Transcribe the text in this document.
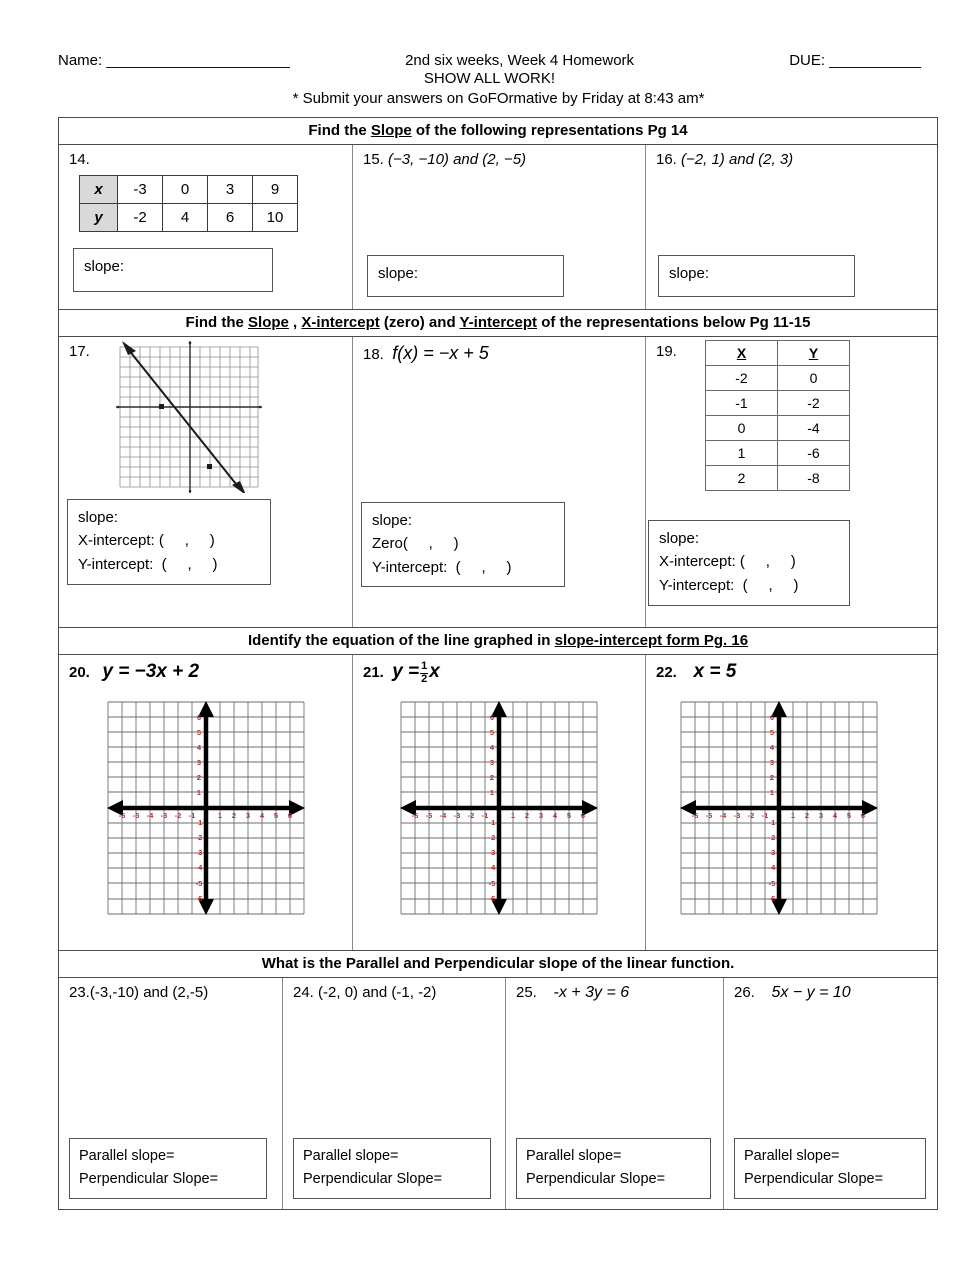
Name: ______________________	2nd six weeks, Week 4 Homework	DUE: ___________
SHOW ALL WORK!
* Submit your answers on GoFOrmative by Friday at 8:43 am*
Find the Slope of the following representations Pg 14
14.
x	-3	0	3	9
y	-2	4	6	10
slope:
15. (−3, −10) and (2, −5)
slope:
16. (−2, 1) and (2, 3)
slope:
Find the Slope , X-intercept (zero) and Y-intercept of the representations below Pg 11-15
17.
slope:
X-intercept: (     ,     )
Y-intercept:  (     ,     )
18. f(x) = −x + 5
slope:
Zero(     ,     )
Y-intercept:  (     ,     )
19.	X	Y
-2	0
-1	-2
0	-4
1	-6
2	-8
slope:
X-intercept: (     ,     )
Y-intercept:  (     ,     )
Identify the equation of the line graphed in slope-intercept form Pg. 16
20. y = −3x + 2
1 2 3 4 5 6
-6 -5 -4 -3 -2 -1
1
2
3
4
5
6
-1
-2
-3
-4
-5
-6
21. $y = \frac{1}{2}$ x
1 2 3 4 5 6
-6 -5 -4 -3 -2 -1
1
2
3
4
5
6
-1
-2
-3
-4
-5
-6
22. x = 5
1 2 3 4 5 6
-6 -5 -4 -3 -2 -1
1
2
3
4
5
6
-1
-2
-3
-4
-5
-6
What is the Parallel and Perpendicular slope of the linear function.
23.(-3,-10) and (2,-5)
Parallel slope=
Perpendicular Slope=
24. (-2, 0) and (-1, -2)
Parallel slope=
Perpendicular Slope=
25. -x + 3y = 6
Parallel slope=
Perpendicular Slope=
26. 5x − y = 10
Parallel slope=
Perpendicular Slope=
